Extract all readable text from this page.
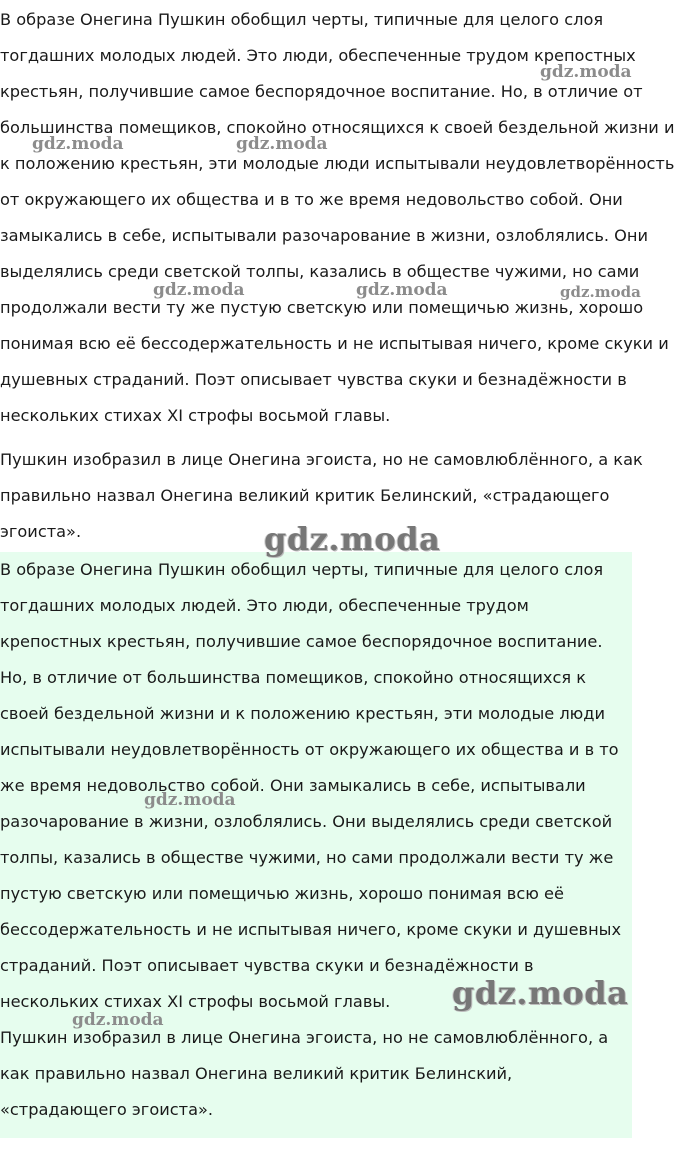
В образе Онегина Пушкин обобщил черты, типичные для целого слоя тогдашних молодых людей. Это люди, обеспеченные трудом крепостных крестьян, получившие самое беспорядочное воспитание. Но, в отличие от большинства помещиков, спокойно относящихся к своей бездельной жизни и к положению крестьян, эти молодые люди испытывали неудовлетворённость от окружающего их общества и в то же время недовольство собой. Они замыкались в себе, испытывали разочарование в жизни, озлоблялись. Они выделялись среди светской толпы, казались в обществе чужими, но сами продолжали вести ту же пустую светскую или помещичью жизнь, хорошо понимая всю её бессодержательность и не испытывая ничего, кроме скуки и душевных страданий. Поэт описывает чувства скуки и безнадёжности в нескольких стихах XI строфы восьмой главы.

Пушкин изобразил в лице Онегина эгоиста, но не самовлюблённого, а как правильно назвал Онегина великий критик Белинский, «страдающего эгоиста».

В образе Онегина Пушкин обобщил черты, типичные для целого слоя тогдашних молодых людей. Это люди, обеспеченные трудом крепостных крестьян, получившие самое беспорядочное воспитание. Но, в отличие от большинства помещиков, спокойно относящихся к своей бездельной жизни и к положению крестьян, эти молодые люди испытывали неудовлетворённость от окружающего их общества и в то же время недовольство собой. Они замыкались в себе, испытывали разочарование в жизни, озлоблялись. Они выделялись среди светской толпы, казались в обществе чужими, но сами продолжали вести ту же пустую светскую или помещичью жизнь, хорошо понимая всю её бессодержательность и не испытывая ничего, кроме скуки и душевных страданий. Поэт описывает чувства скуки и безнадёжности в нескольких стихах XI строфы восьмой главы.

Пушкин изобразил в лице Онегина эгоиста, но не самовлюблённого, а как правильно назвал Онегина великий критик Белинский, «страдающего эгоиста».

gdz.moda
gdz.moda	gdz.moda
gdz.moda	gdz.moda	gdz.moda
gdz.moda
gdz.moda
gdz.moda
gdz.moda
